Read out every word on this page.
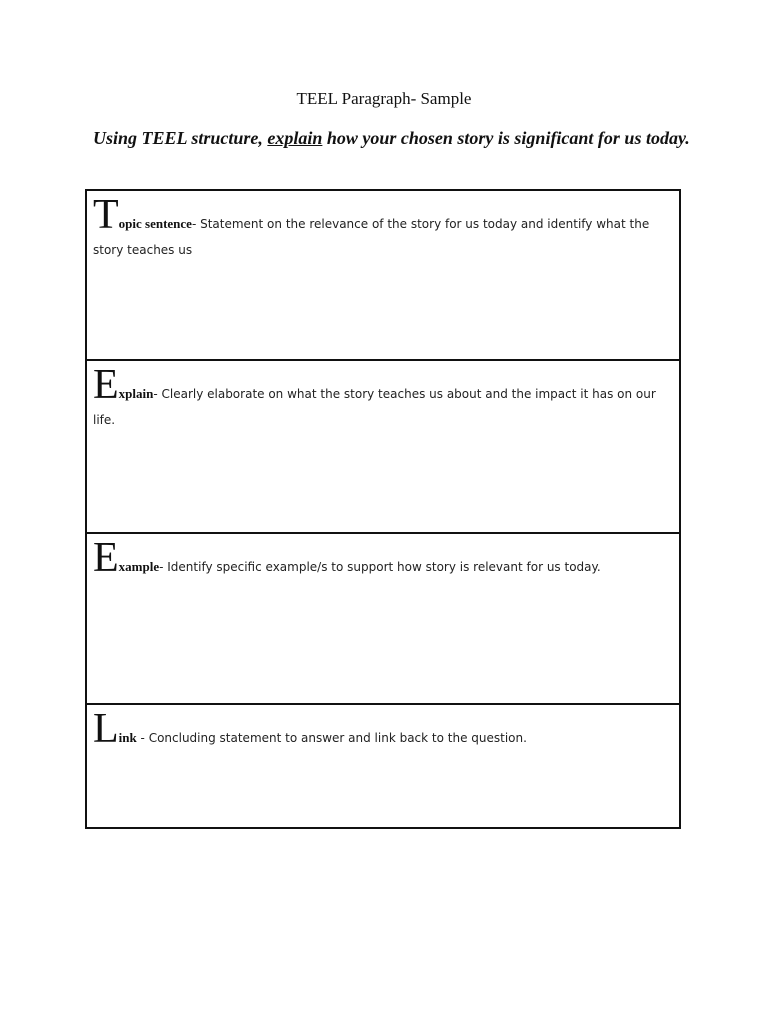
TEEL Paragraph- Sample
Using TEEL structure, explain how your chosen story is significant for us today.

Topic sentence- Statement on the relevance of the story for us today and identify what the story teaches us

Explain- Clearly elaborate on what the story teaches us about and the impact it has on our life.

Example- Identify specific example/s to support how story is relevant for us today.

Link - Concluding statement to answer and link back to the question.
